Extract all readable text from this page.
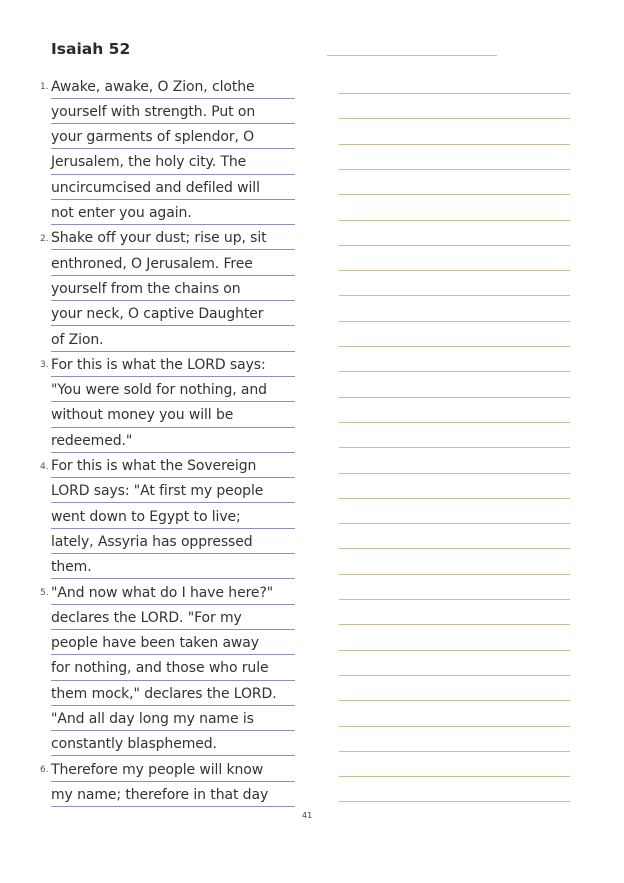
Isaiah 52
1. Awake, awake, O Zion, clothe
yourself with strength. Put on
your garments of splendor, O
Jerusalem, the holy city. The
uncircumcised and defiled will
not enter you again.
2. Shake off your dust; rise up, sit
enthroned, O Jerusalem. Free
yourself from the chains on
your neck, O captive Daughter
of Zion.
3. For this is what the LORD says:
"You were sold for nothing, and
without money you will be
redeemed."
4. For this is what the Sovereign
LORD says: "At first my people
went down to Egypt to live;
lately, Assyria has oppressed
them.
5. "And now what do I have here?"
declares the LORD. "For my
people have been taken away
for nothing, and those who rule
them mock," declares the LORD.
"And all day long my name is
constantly blasphemed.
6. Therefore my people will know
my name; therefore in that day
41
